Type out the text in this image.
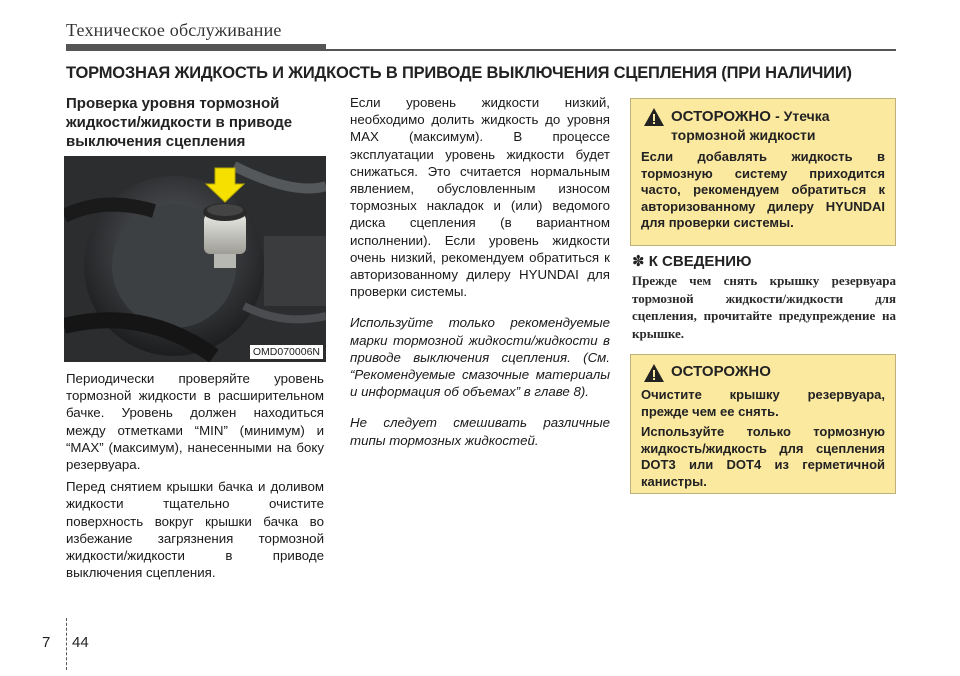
Техническое обслуживание
ТОРМОЗНАЯ ЖИДКОСТЬ И ЖИДКОСТЬ В ПРИВОДЕ ВЫКЛЮЧЕНИЯ СЦЕПЛЕНИЯ (ПРИ НАЛИЧИИ)
Проверка уровня тормозной жидкости/жидкости в приводе выключения сцепления
OMD070006N

Периодически проверяйте уровень тормозной жидкости в расширительном бачке. Уровень должен находиться между отметками “MIN” (минимум) и “MAX” (максимум), нанесенными на боку резервуара.

Перед снятием крышки бачка и доливом жидкости тщательно очистите поверхность вокруг крышки бачка во избежание загрязнения тормозной жидкости/жидкости в приводе выключения сцепления.

Если уровень жидкости низкий, необходимо долить жидкость до уровня MAX (максимум). В процессе эксплуатации уровень жидкости будет снижаться. Это считается нормальным явлением, обусловленным износом тормозных накладок и (или) ведомого диска сцепления (в вариантном исполнении). Если уровень жидкости очень низкий, рекомендуем обратиться к авторизованному дилеру HYUNDAI для проверки системы.

Используйте только рекомендуемые марки тормозной жидкости/жидкости в приводе выключения сцепления. (См. “Рекомендуемые смазочные материалы и информация об объемах” в главе 8).

Не следует смешивать различные типы тормозных жидкостей.

ОСТОРОЖНО - Утечка тормозной жидкости

Если добавлять жидкость в тормозную систему приходится часто, рекомендуем обратиться к авторизованному дилеру HYUNDAI для проверки системы.

✽ К СВЕДЕНИЮ
Прежде чем снять крышку резервуара тормозной жидкости/жидкости для сцепления, прочитайте предупреждение на крышке.
ОСТОРОЖНО

Очистите крышку резервуара, прежде чем ее снять.

Используйте только тормозную жидкость/жидкость для сцепления DOT3 или DOT4 из герметичной канистры.

7 44
